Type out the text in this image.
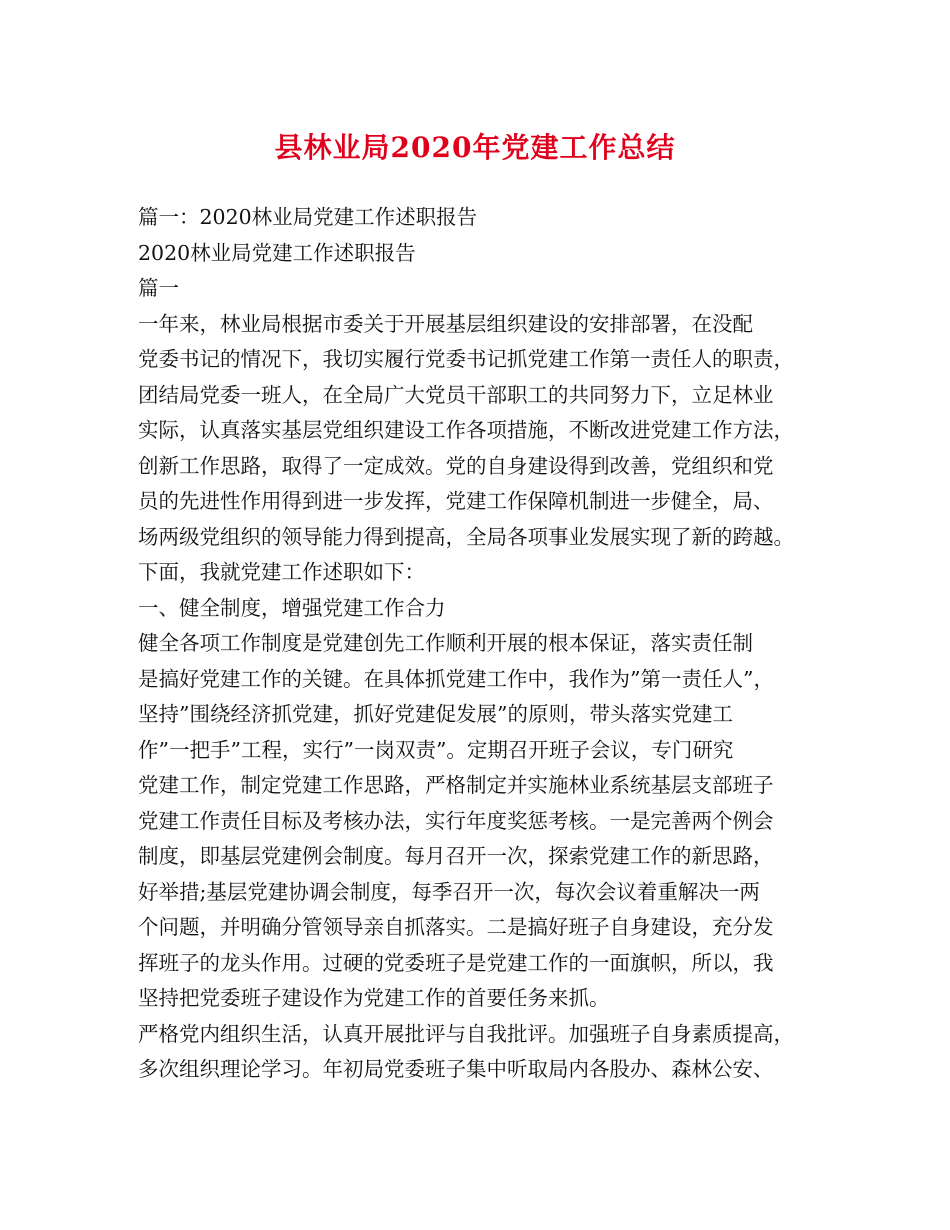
县林业局2020年党建工作总结
篇一：2020林业局党建工作述职报告
2020林业局党建工作述职报告
篇一
一年来，林业局根据市委关于开展基层组织建设的安排部署，在没配
党委书记的情况下，我切实履行党委书记抓党建工作第一责任人的职责，
团结局党委一班人，在全局广大党员干部职工的共同努力下，立足林业
实际，认真落实基层党组织建设工作各项措施，不断改进党建工作方法，
创新工作思路，取得了一定成效。党的自身建设得到改善，党组织和党
员的先进性作用得到进一步发挥，党建工作保障机制进一步健全，局、
场两级党组织的领导能力得到提高，全局各项事业发展实现了新的跨越。
下面，我就党建工作述职如下：
一、健全制度，增强党建工作合力
健全各项工作制度是党建创先工作顺利开展的根本保证，落实责任制
是搞好党建工作的关键。在具体抓党建工作中，我作为”第一责任人”，
坚持”围绕经济抓党建，抓好党建促发展”的原则，带头落实党建工
作”一把手”工程，实行”一岗双责”。定期召开班子会议，专门研究
党建工作，制定党建工作思路，严格制定并实施林业系统基层支部班子
党建工作责任目标及考核办法，实行年度奖惩考核。一是完善两个例会
制度，即基层党建例会制度。每月召开一次，探索党建工作的新思路，
好举措;基层党建协调会制度，每季召开一次，每次会议着重解决一两
个问题，并明确分管领导亲自抓落实。二是搞好班子自身建设，充分发
挥班子的龙头作用。过硬的党委班子是党建工作的一面旗帜，所以，我
坚持把党委班子建设作为党建工作的首要任务来抓。
严格党内组织生活，认真开展批评与自我批评。加强班子自身素质提高，
多次组织理论学习。年初局党委班子集中听取局内各股办、森林公安、
